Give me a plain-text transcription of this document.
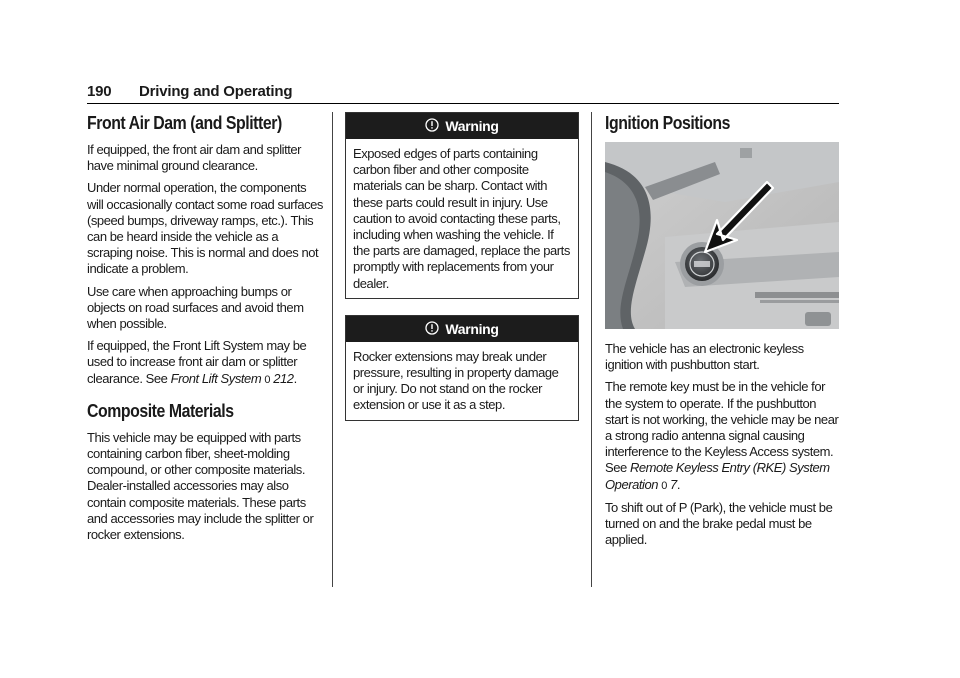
190 Driving and Operating
Front Air Dam (and Splitter)

If equipped, the front air dam and splitter have minimal ground clearance.

Under normal operation, the components will occasionally contact some road surfaces (speed bumps, driveway ramps, etc.). This can be heard inside the vehicle as a scraping noise. This is normal and does not indicate a problem.

Use care when approaching bumps or objects on road surfaces and avoid them when possible.

If equipped, the Front Lift System may be used to increase front air dam or splitter clearance. See Front Lift System 0 212.

Composite Materials

This vehicle may be equipped with parts containing carbon fiber, sheet-molding compound, or other composite materials. Dealer-installed accessories may also contain composite materials. These parts and accessories may include the splitter or rocker extensions.

Warning

Exposed edges of parts containing carbon fiber and other composite materials can be sharp. Contact with these parts could result in injury. Use caution to avoid contacting these parts, including when washing the vehicle. If the parts are damaged, replace the parts promptly with replacements from your dealer.

Warning

Rocker extensions may break under pressure, resulting in property damage or injury. Do not stand on the rocker extension or use it as a step.

Ignition Positions

The vehicle has an electronic keyless ignition with pushbutton start.

The remote key must be in the vehicle for the system to operate. If the pushbutton start is not working, the vehicle may be near a strong radio antenna signal causing interference to the Keyless Access system. See Remote Keyless Entry (RKE) System Operation 0 7.

To shift out of P (Park), the vehicle must be turned on and the brake pedal must be applied.
